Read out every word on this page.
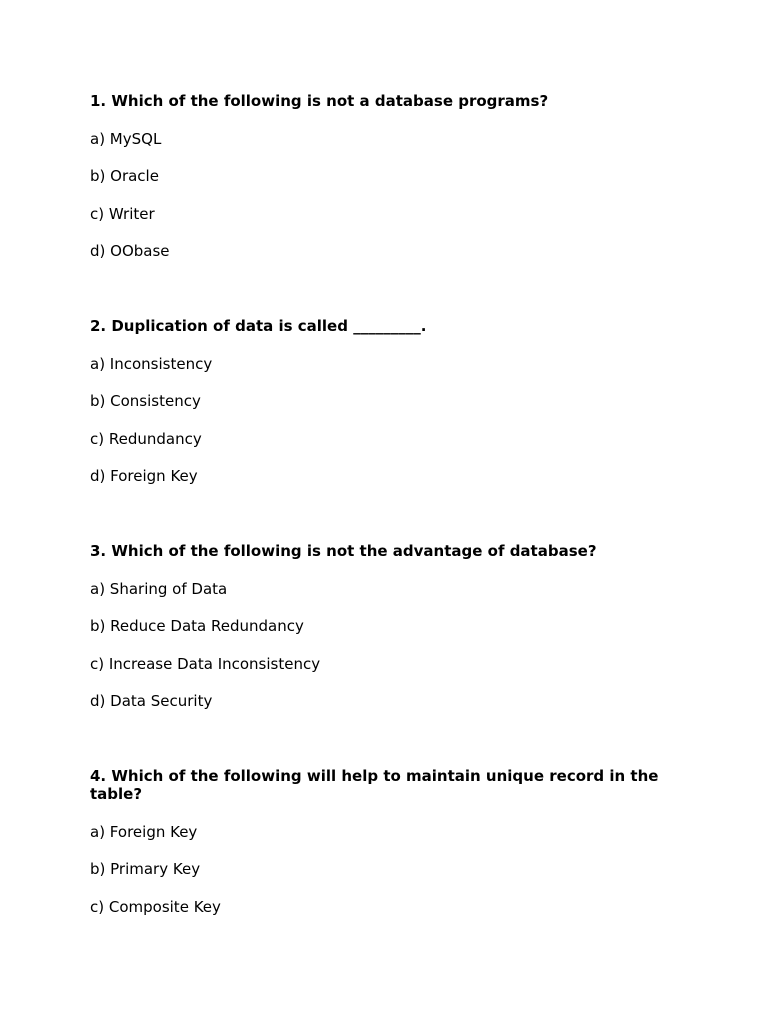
1. Which of the following is not a database programs?

a) MySQL

b) Oracle

c) Writer

d) OObase

2. Duplication of data is called _________.

a) Inconsistency

b) Consistency

c) Redundancy

d) Foreign Key

3. Which of the following is not the advantage of database?

a) Sharing of Data

b) Reduce Data Redundancy

c) Increase Data Inconsistency

d) Data Security

4. Which of the following will help to maintain unique record in the table?

a) Foreign Key

b) Primary Key

c) Composite Key
